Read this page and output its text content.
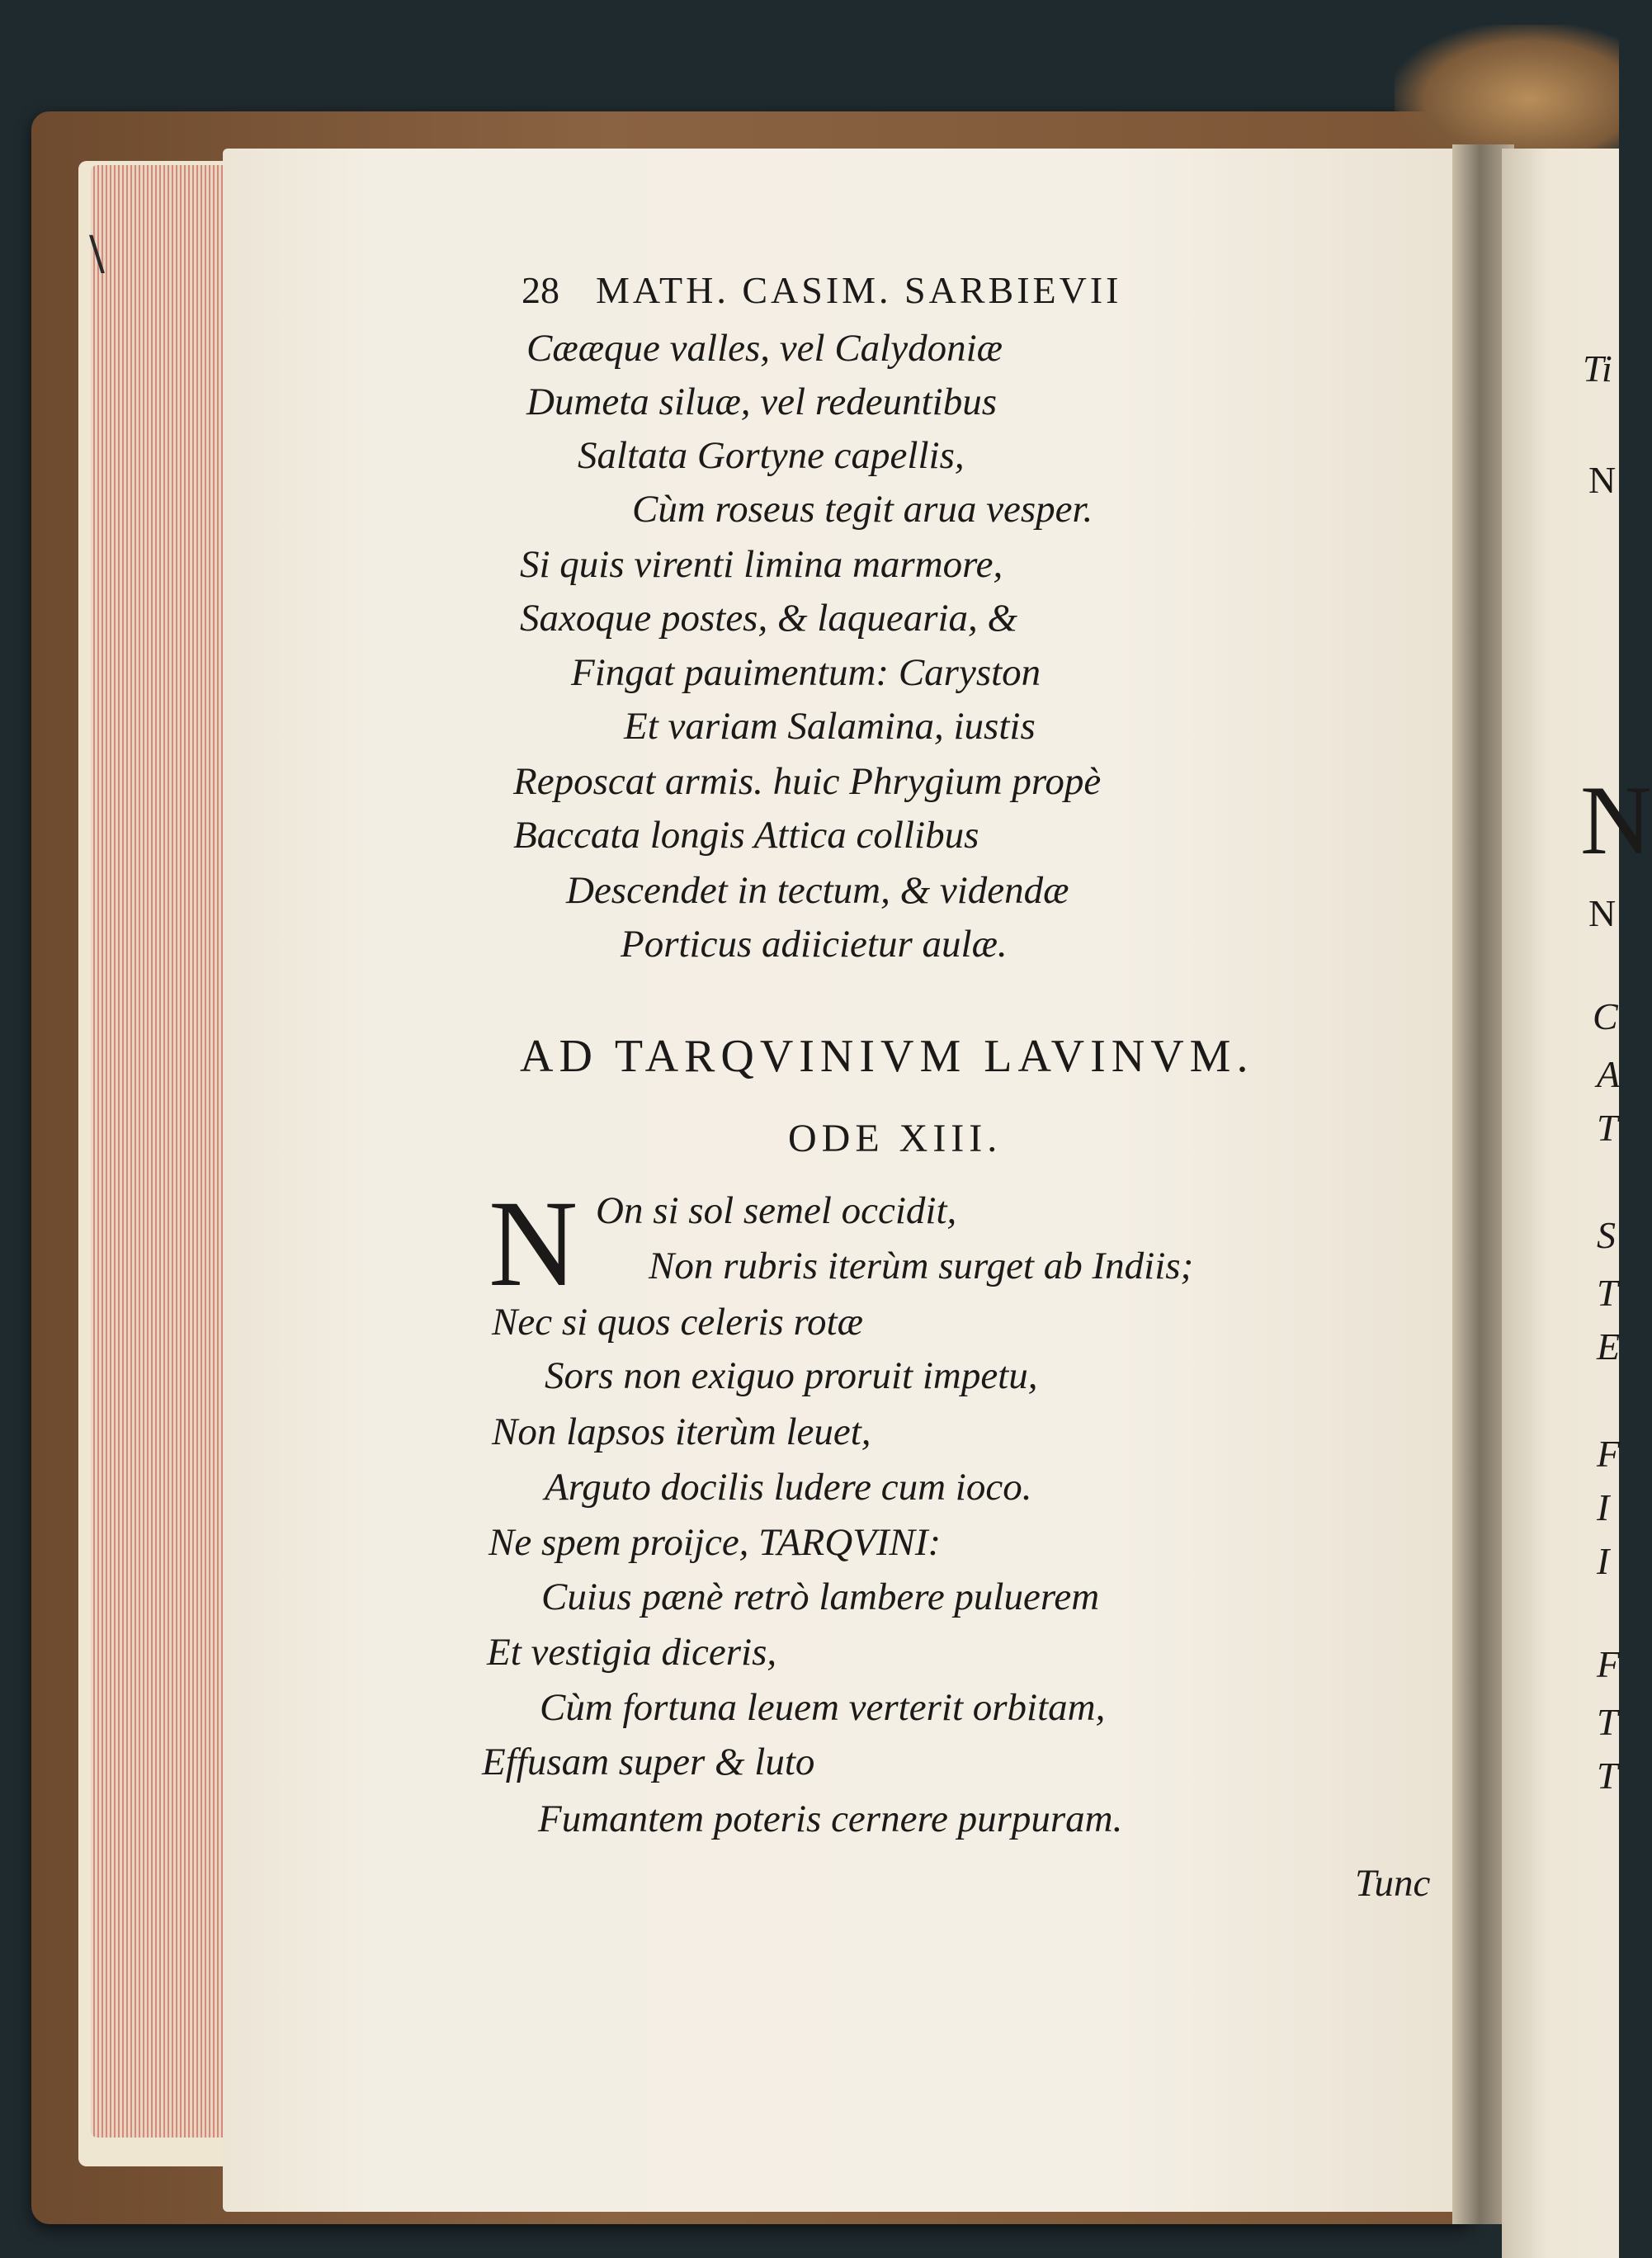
\
28 MATH. CASIM. SARBIEVII
Cææque valles, vel Calydoniæ
Dumeta siluæ, vel redeuntibus
Saltata Gortyne capellis,
Cùm roseus tegit arua vesper.
Si quis virenti limina marmore,
Saxoque postes, & laquearia, &
Fingat pauimentum: Caryston
Et variam Salamina, iustis
Reposcat armis. huic Phrygium propè
Baccata longis Attica collibus
Descendet in tectum, & videndæ
Porticus adiicietur aulæ.
AD TARQVINIVM LAVINVM.
ODE XIII.
N On si sol semel occidit,
Non rubris iterùm surget ab Indiis;
Nec si quos celeris rotæ
Sors non exiguo proruit impetu,
Non lapsos iterùm leuet,
Arguto docilis ludere cum ioco.
Ne spem proijce, TARQVINI:
Cuius pænè retrò lambere puluerem
Et vestigia diceris,
Cùm fortuna leuem verterit orbitam,
Effusam super & luto
Fumantem poteris cernere purpuram.
Tunc
Ti
N
N
N
C
A
T
S
T
E
F
I
I
F
T
T
